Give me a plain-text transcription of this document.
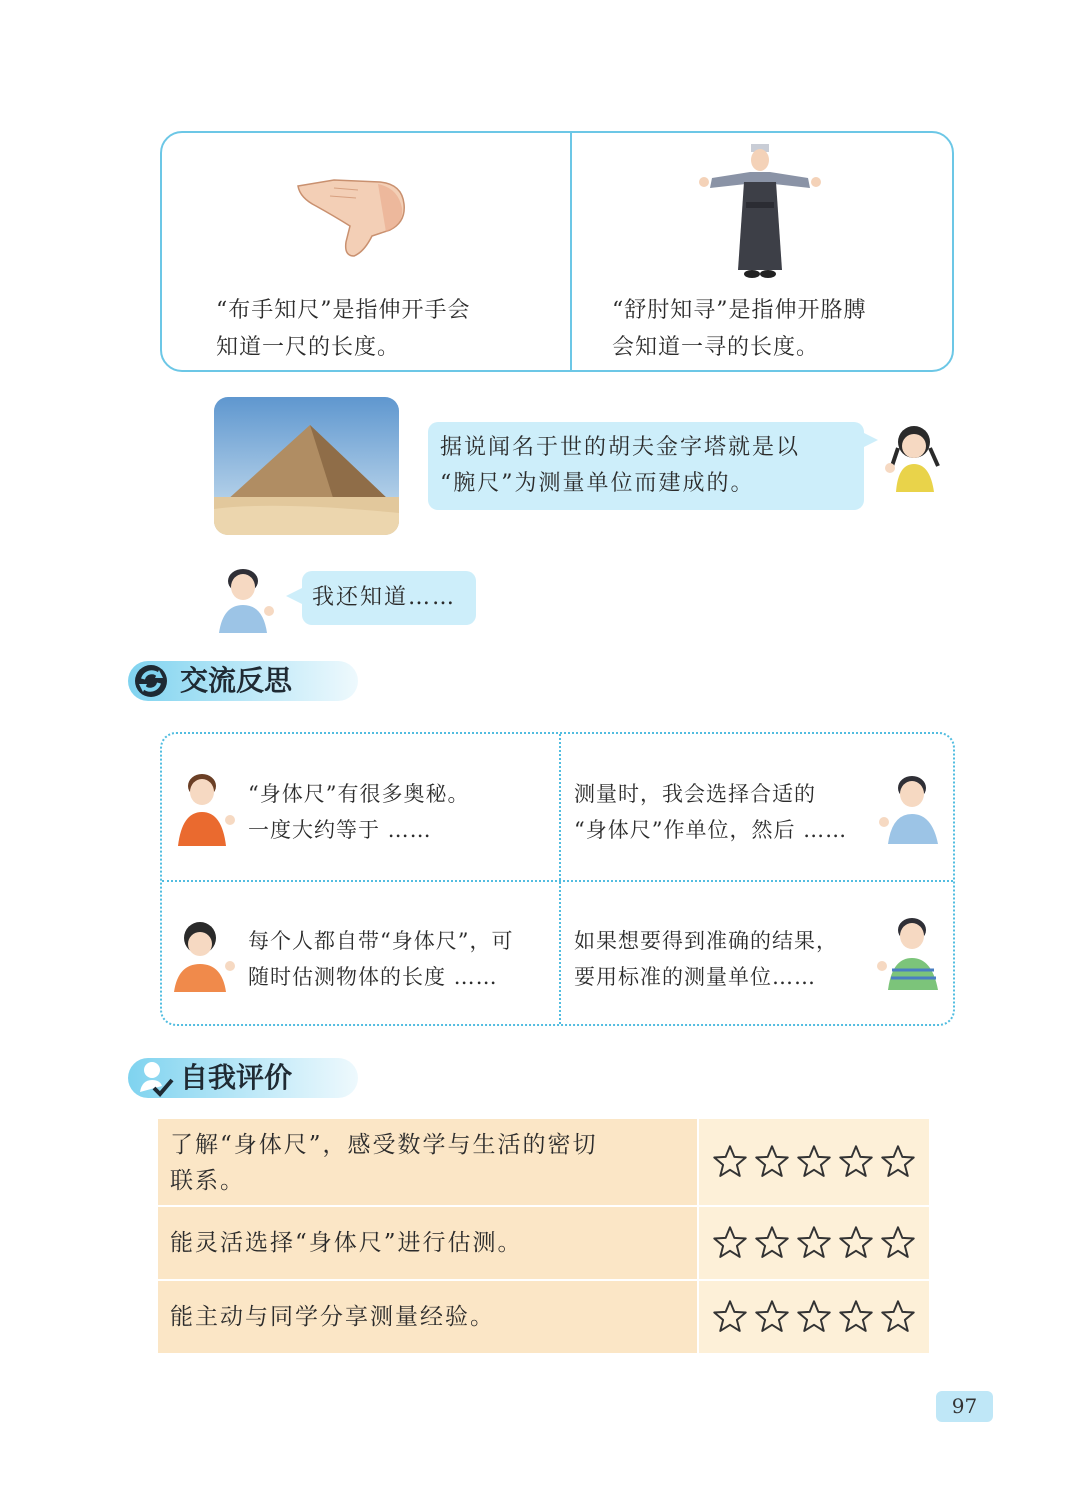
“布手知尺”是指伸开手会
知道一尺的长度。
“舒肘知寻”是指伸开胳膊
会知道一寻的长度。
据说闻名于世的胡夫金字塔就是以
“腕尺”为测量单位而建成的。
我还知道……
交流反思
“身体尺”有很多奥秘。
一度大约等于 ……
测量时，我会选择合适的
“身体尺”作单位，然后 ……
每个人都自带“身体尺”，可
随时估测物体的长度 ……
如果想要得到准确的结果，
要用标准的测量单位……
自我评价
了解“身体尺”，感受数学与生活的密切
联系。
能灵活选择“身体尺”进行估测。
能主动与同学分享测量经验。
97
